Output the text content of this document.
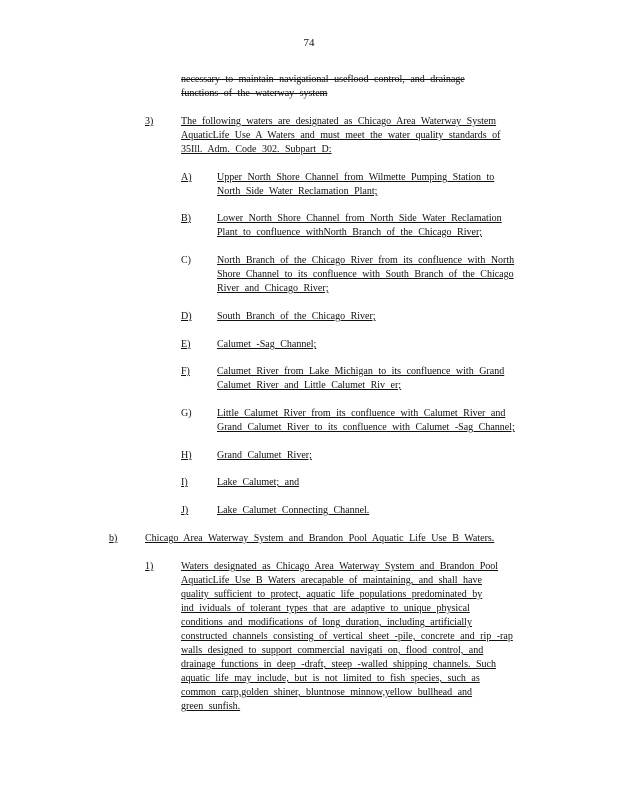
74
necessary to maintain navigational useflood control, and drainage
functions of the waterway system
3)	The following waters are designated as Chicago Area Waterway System
AquaticLife Use A Waters and must meet the water quality standards of
35Ill. Adm. Code 302. Subpart D:
A)	Upper North Shore Channel from Wilmette Pumping Station to
North Side Water Reclamation Plant;
B)	Lower North Shore Channel from North Side Water Reclamation
Plant to confluence withNorth Branch of the Chicago River;
C)	North Branch of the Chicago River from its confluence with North
Shore Channel to its confluence with South Branch of the Chicago
River and Chicago River;
D)	South Branch of the Chicago River;
E)	Calumet -Sag Channel;
F)	Calumet River from Lake Michigan to its confluence with Grand
Calumet River and Little Calumet Riv er;
G)	Little Calumet River from its confluence with Calumet River and
Grand Calumet River to its confluence with Calumet -Sag Channel;
H)	Grand Calumet River;
I)	Lake Calumet; and
J)	Lake Calumet Connecting Channel.
b)	Chicago Area Waterway System and Brandon Pool Aquatic Life Use B Waters.
1)	Waters designated as Chicago Area Waterway System and Brandon Pool
AquaticLife Use B Waters arecapable of maintaining, and shall have
quality sufficient to protect, aquatic life populations predominated by
ind ividuals of tolerant types that are adaptive to unique physical
conditions and modifications of long duration, including artificially
constructed channels consisting of vertical sheet -pile, concrete and rip -rap
walls designed to support commercial navigati on, flood control, and
drainage functions in deep -draft, steep -walled shipping channels. Such
aquatic life may include, but is not limited to fish species, such as
common carp,golden shiner, bluntnose minnow,yellow bullhead and
green sunfish.
